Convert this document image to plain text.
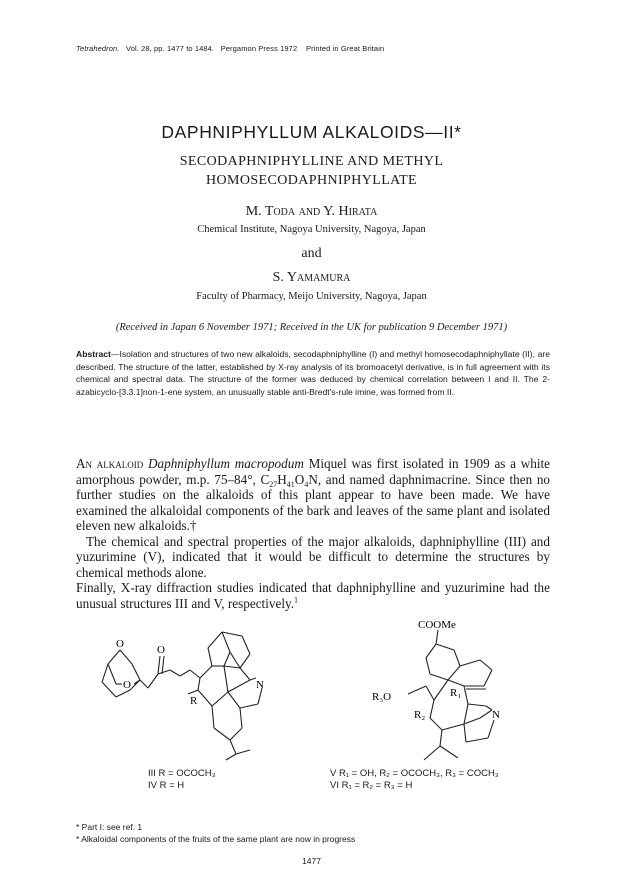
Tetrahedron. Vol. 28, pp. 1477 to 1484. Pergamon Press 1972 Printed in Great Britain
DAPHNIPHYLLUM ALKALOIDS—II*
SECODAPHNIPHYLLINE AND METHYL
HOMOSECODAPHNIPHYLLATE
M. Toda and Y. Hirata
Chemical Institute, Nagoya University, Nagoya, Japan
and
S. Yamamura
Faculty of Pharmacy, Meijo University, Nagoya, Japan
(Received in Japan 6 November 1971; Received in the UK for publication 9 December 1971)
Abstract—Isolation and structures of two new alkaloids, secodaphniphylline (I) and methyl homosecodaphniphyllate (II), are described. The structure of the latter, established by X-ray analysis of its bromoacetyl derivative, is in full agreement with its chemical and spectral data. The structure of the former was deduced by chemical correlation between I and II. The 2-azabicyclo-[3.3.1]non-1-ene system, an unusually stable anti-Bredt's-rule imine, was formed from II.

An alkaloid Daphniphyllum macropodum Miquel was first isolated in 1909 as a white amorphous powder, m.p. 75–84°, $C_{27}H_{41}O_4N$, and named daphnimacrine. Since then no further studies on the alkaloids of this plant appear to have been made. We have examined the alkaloidal components of the bark and leaves of the same plant and isolated eleven new alkaloids.†

The chemical and spectral properties of the major alkaloids, daphniphylline (III) and yuzurimine (V), indicated that it would be difficult to determine the structures by chemical methods alone.

Finally, X-ray diffraction studies indicated that daphniphylline and yuzurimine had the unusual structures III and V, respectively.$^1$

O	O
O
R
N
COOMe
R₃O	R₁
R₂	N
III R = OCOCH₃
IV R = H
V R₁ = OH, R₂ = OCOCH₃, R₃ = COCH₃
VI R₁ = R₂ = R₃ = H
* Part I: see ref. 1
* Alkaloidal components of the fruits of the same plant are now in progress
1477
